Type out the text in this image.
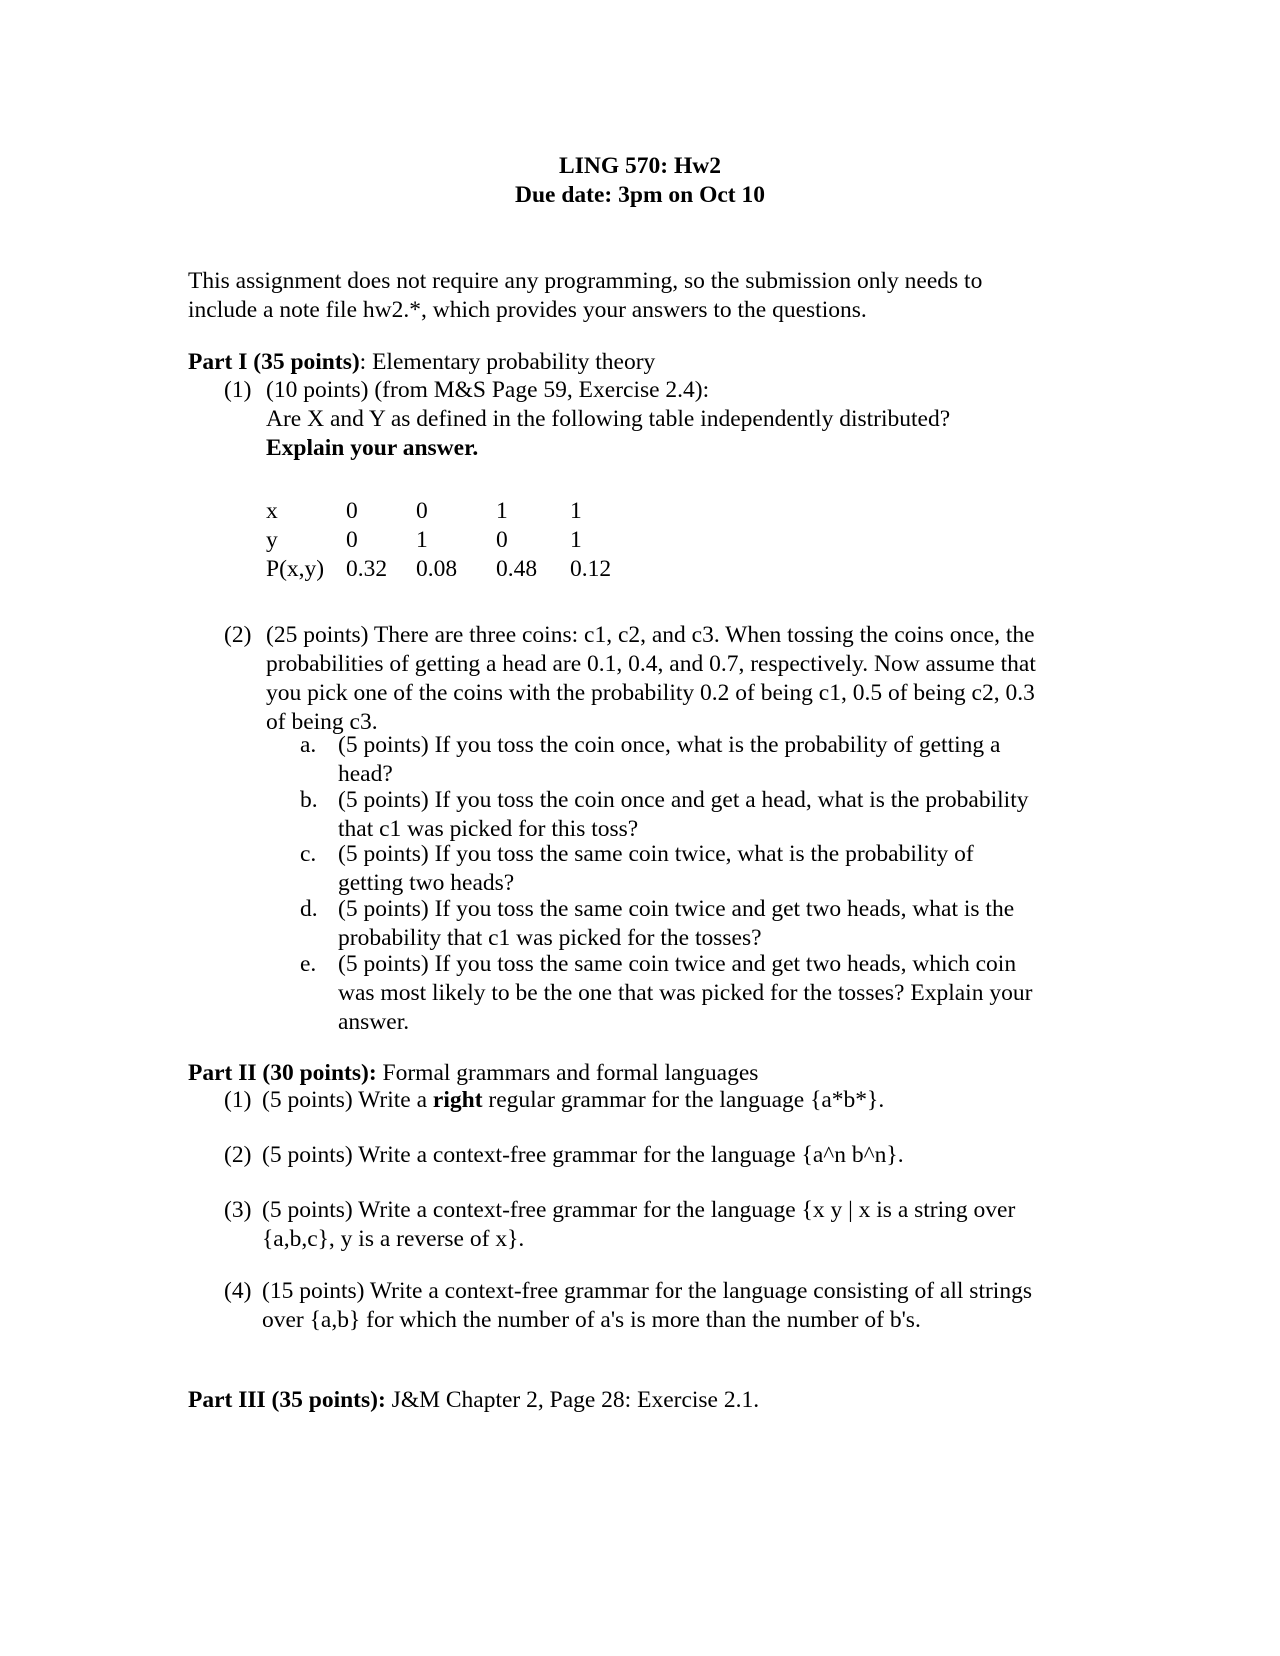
LING 570: Hw2
Due date: 3pm on Oct 10
This assignment does not require any programming, so the submission only needs to
include a note file hw2.*, which provides your answers to the questions.
Part I (35 points): Elementary probability theory
(1) (10 points) (from M&S Page 59, Exercise 2.4):
Are X and Y as defined in the following table independently distributed?
Explain your answer.
x	0	0	1	1
y	0	1	0	1
P(x,y)	0.32	0.08	0.48	0.12
(2) (25 points) There are three coins: c1, c2, and c3. When tossing the coins once, the
probabilities of getting a head are 0.1, 0.4, and 0.7, respectively. Now assume that
you pick one of the coins with the probability 0.2 of being c1, 0.5 of being c2, 0.3
of being c3.
a. (5 points) If you toss the coin once, what is the probability of getting a
head?
b. (5 points) If you toss the coin once and get a head, what is the probability
that c1 was picked for this toss?
c. (5 points) If you toss the same coin twice, what is the probability of
getting two heads?
d. (5 points) If you toss the same coin twice and get two heads, what is the
probability that c1 was picked for the tosses?
e. (5 points) If you toss the same coin twice and get two heads, which coin
was most likely to be the one that was picked for the tosses? Explain your
answer.
Part II (30 points): Formal grammars and formal languages
(1) (5 points) Write a right regular grammar for the language {a*b*}.
(2) (5 points) Write a context-free grammar for the language {a^n b^n}.
(3) (5 points) Write a context-free grammar for the language {x y | x is a string over
{a,b,c}, y is a reverse of x}.
(4) (15 points) Write a context-free grammar for the language consisting of all strings
over {a,b} for which the number of a's is more than the number of b's.
Part III (35 points): J&M Chapter 2, Page 28: Exercise 2.1.
